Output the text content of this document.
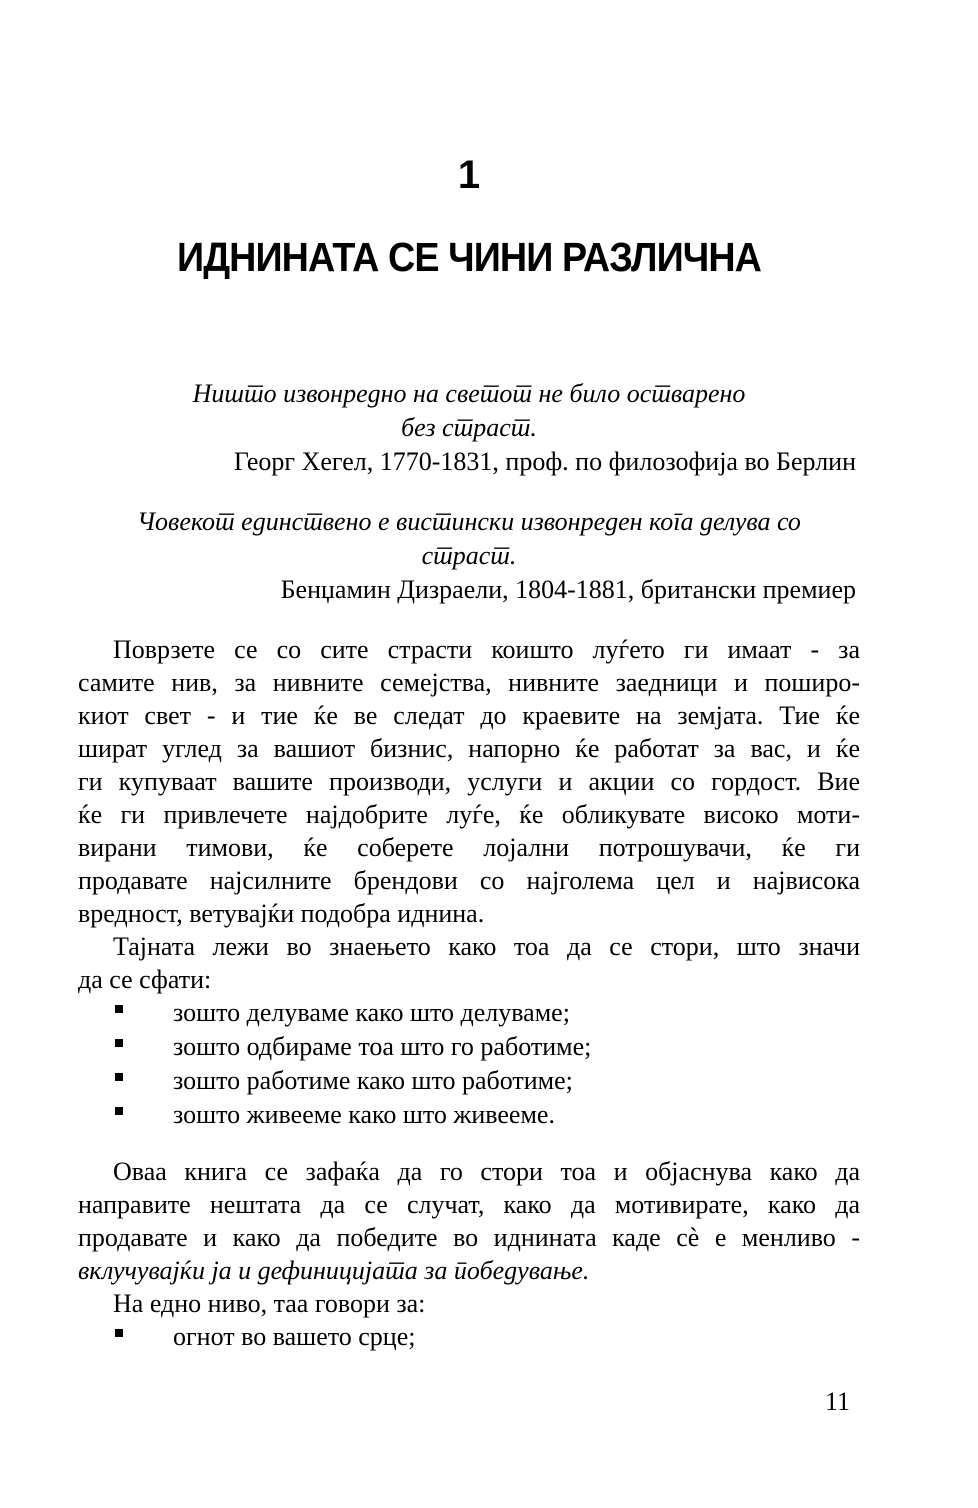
1
ИДНИНАТА СЕ ЧИНИ РАЗЛИЧНА
Ништо извонредно на светот не било остварено
без страст.
Георг Хегел, 1770-1831, проф. по филозофија во Берлин
Човекот единствено е вистински извонреден кога делува со
страст.
Бенџамин Дизраели, 1804-1881, британски премиер
Поврзете се со сите страсти коишто луѓето ги имаат - за
самите нив, за нивните семејства, нивните заедници и поширо-
киот свет - и тие ќе ве следат до краевите на земјата. Тие ќе
шират углед за вашиот бизнис, напорно ќе работат за вас, и ќе
ги купуваат вашите производи, услуги и акции со гордост. Вие
ќе ги привлечете најдобрите луѓе, ќе обликувате високо моти-
вирани тимови, ќе соберете лојални потрошувачи, ќе ги
продавате најсилните брендови со најголема цел и највисока
вредност, ветувајќи подобра иднина.
Тајната лежи во знаењето како тоа да се стори, што значи
да се сфати:
зошто делуваме како што делуваме;
зошто одбираме тоа што го работиме;
зошто работиме како што работиме;
зошто живееме како што живееме.
Оваа книга се зафаќа да го стори тоа и објаснува како да
направите нештата да се случат, како да мотивирате, како да
продавате и како да победите во иднината каде сè е менливо -
вклучувајќи ја и дефиницијата за победување.
На едно ниво, таа говори за:
огнот во вашето срце;
11
